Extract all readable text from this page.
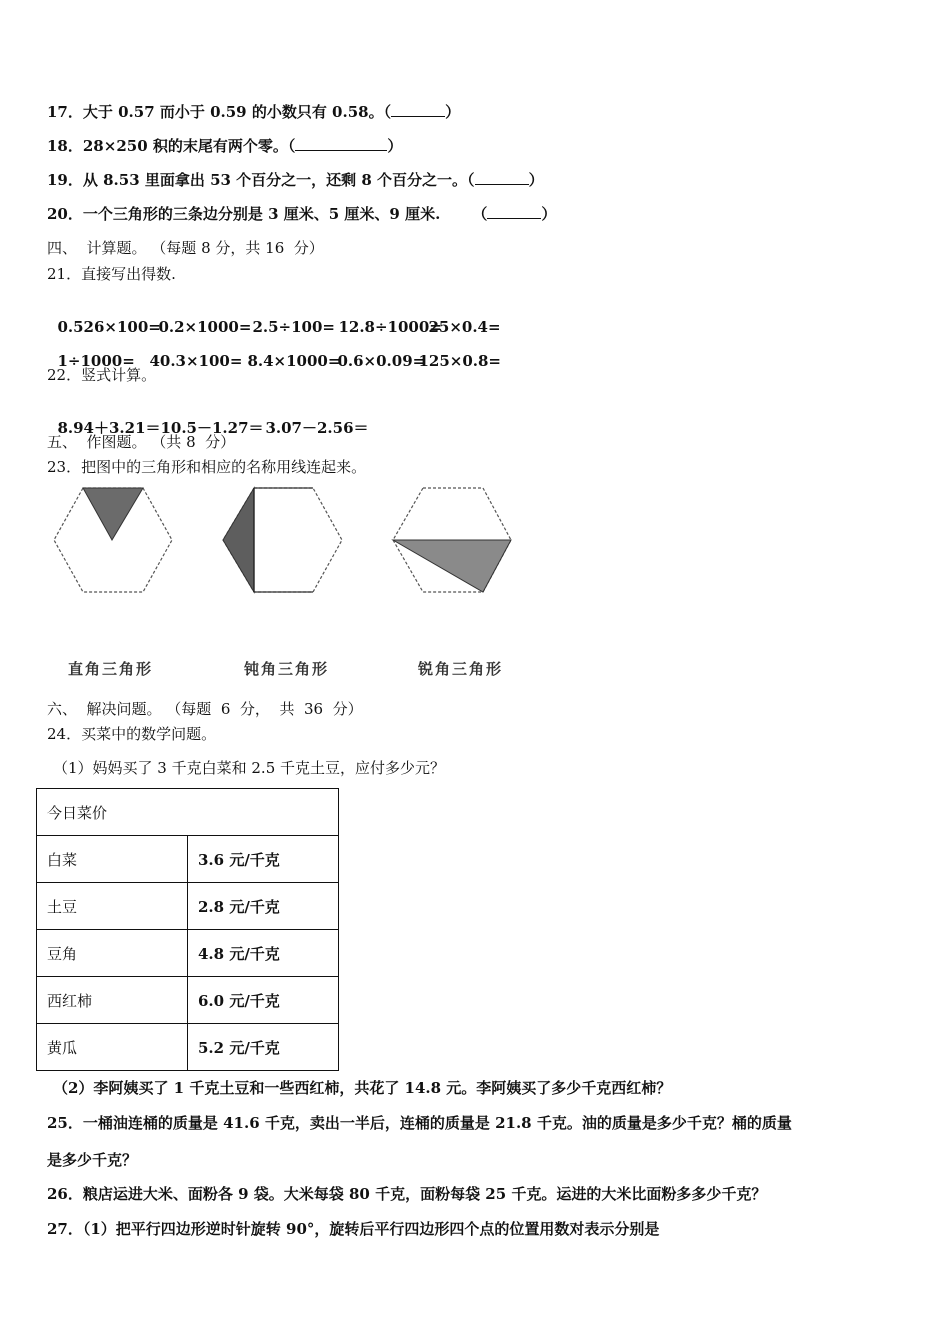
17．大于 0.57 而小于 0.59 的小数只有 0.58。（	）
18．28×250 积的末尾有两个零。（	）
19．从 8.53 里面拿出 53 个百分之一，还剩 8 个百分之一。（	）
20．一个三角形的三条边分别是 3 厘米、5 厘米、9 厘米. （	）
四、  计算题。 （每题 8 分，共 16  分）
21．直接写出得数.

0.526×100=0.2×1000=2.5÷100= 12.8÷1000=25×0.4=

1÷1000= 40.3×100= 8.4×1000=0.6×0.09=125×0.8=

22．竖式计算。

8.94＋3.21＝10.5－1.27＝ 3.07－2.56＝

五、  作图题。 （共 8  分）
23．把图中的三角形和相应的名称用线连起来。
直角三角形	钝角三角形	锐角三角形
六、  解决问题。 （每题  6  分，  共  36  分）
24．买菜中的数学问题。
（1）妈妈买了 3 千克白菜和 2.5 千克土豆，应付多少元？
今日菜价	
白菜	3.6 元/千克
土豆	2.8 元/千克
豆角	4.8 元/千克
西红柿	6.0 元/千克
黄瓜	5.2 元/千克
（2）李阿姨买了 1 千克土豆和一些西红柿，共花了 14.8 元。李阿姨买了多少千克西红柿？
25．一桶油连桶的质量是 41.6 千克，卖出一半后，连桶的质量是 21.8 千克。油的质量是多少千克？桶的质量
是多少千克？
26．粮店运进大米、面粉各 9 袋。大米每袋 80 千克，面粉每袋 25 千克。运进的大米比面粉多多少千克？
27．（1）把平行四边形逆时针旋转 90°，旋转后平行四边形四个点的位置用数对表示分别是
